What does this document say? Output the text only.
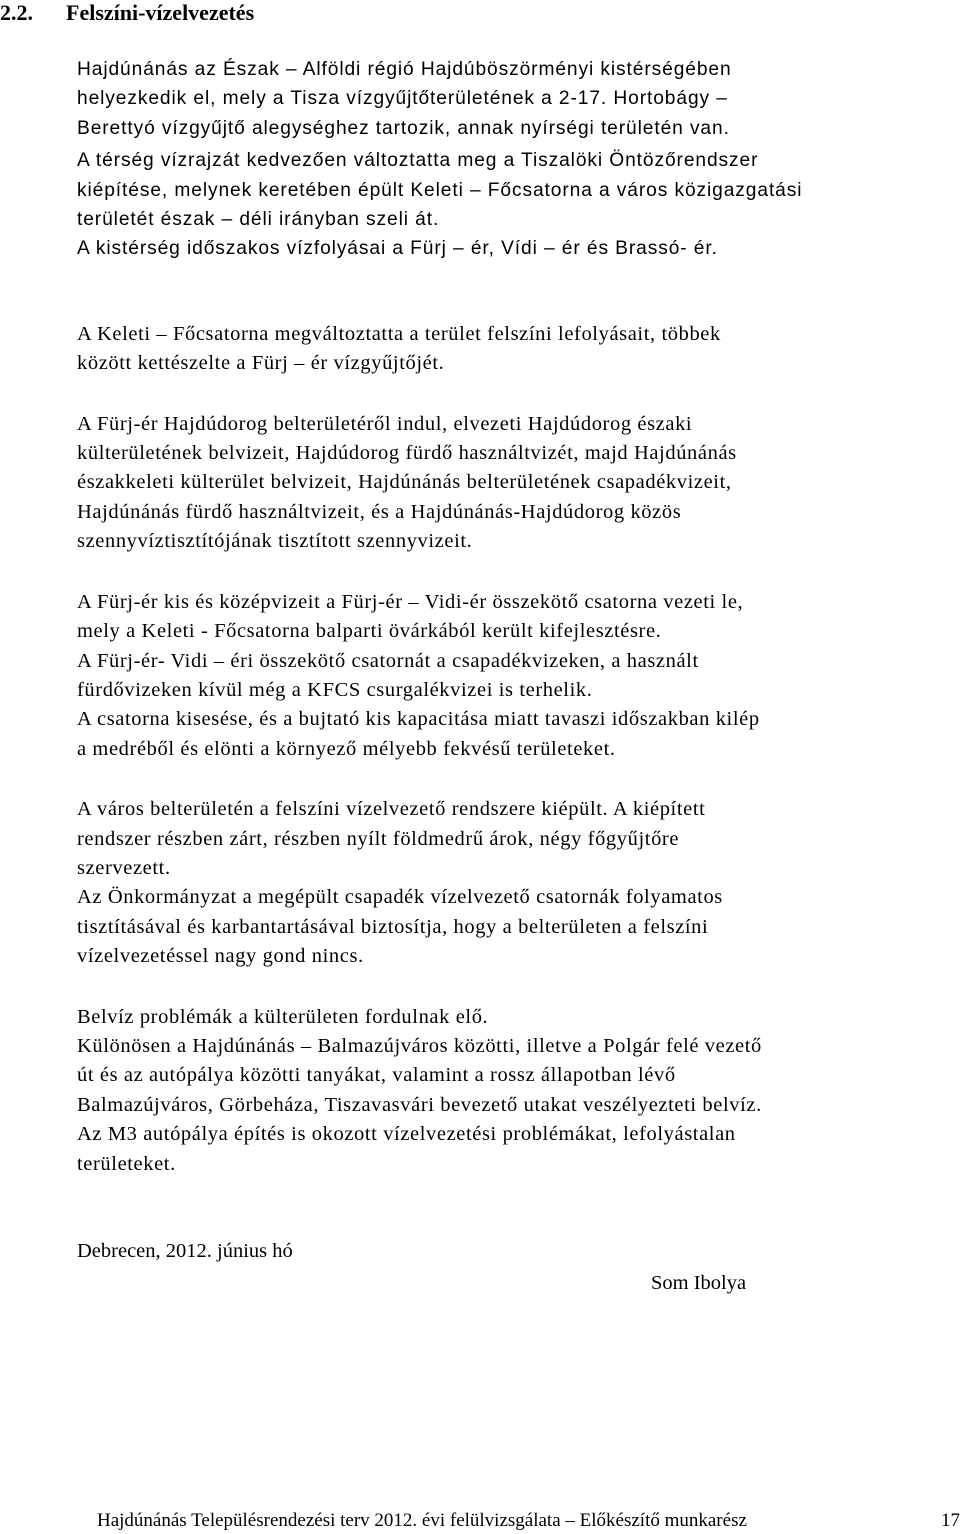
2.2. Felszíni-vízelvezetés

Hajdúnánás az Észak – Alföldi régió Hajdúböszörményi kistérségében
helyezkedik el, mely a Tisza vízgyűjtőterületének a 2-17. Hortobágy –
Berettyó vízgyűjtő alegységhez tartozik, annak nyírségi területén van.

A térség vízrajzát kedvezően változtatta meg a Tiszalöki Öntözőrendszer
kiépítése, melynek keretében épült Keleti – Főcsatorna a város közigazgatási
területét észak – déli irányban szeli át.

A kistérség időszakos vízfolyásai a Fürj – ér, Vídi – ér és Brassó- ér.

A Keleti – Főcsatorna megváltoztatta a terület felszíni lefolyásait, többek
között kettészelte a Fürj – ér vízgyűjtőjét.

A Fürj-ér Hajdúdorog belterületéről indul, elvezeti Hajdúdorog északi
külterületének belvizeit, Hajdúdorog fürdő használtvizét, majd Hajdúnánás
északkeleti külterület belvizeit, Hajdúnánás belterületének csapadékvizeit,
Hajdúnánás fürdő használtvizeit, és a Hajdúnánás-Hajdúdorog közös
szennyvíztisztítójának tisztított szennyvizeit.

A Fürj-ér kis és középvizeit a Fürj-ér – Vidi-ér összekötő csatorna vezeti le,
mely a Keleti - Főcsatorna balparti övárkából került kifejlesztésre.

A Fürj-ér- Vidi – éri összekötő csatornát a csapadékvizeken, a használt
fürdővizeken kívül még a KFCS csurgalékvizei is terhelik.

A csatorna kisesése, és a bujtató kis kapacitása miatt tavaszi időszakban kilép
a medréből és elönti a környező mélyebb fekvésű területeket.

A város belterületén a felszíni vízelvezető rendszere kiépült. A kiépített
rendszer részben zárt, részben nyílt földmedrű árok, négy főgyűjtőre
szervezett.

Az Önkormányzat a megépült csapadék vízelvezető csatornák folyamatos
tisztításával és karbantartásával biztosítja, hogy a belterületen a felszíni
vízelvezetéssel nagy gond nincs.

Belvíz problémák a külterületen fordulnak elő.

Különösen a Hajdúnánás – Balmazújváros közötti, illetve a Polgár felé vezető
út és az autópálya közötti tanyákat, valamint a rossz állapotban lévő
Balmazújváros, Görbeháza, Tiszavasvári bevezető utakat veszélyezteti belvíz.

Az M3 autópálya építés is okozott vízelvezetési problémákat, lefolyástalan
területeket.

Debrecen, 2012. június hó

Som Ibolya

Hajdúnánás Településrendezési terv 2012. évi felülvizsgálata – Előkészítő munkarész	17
